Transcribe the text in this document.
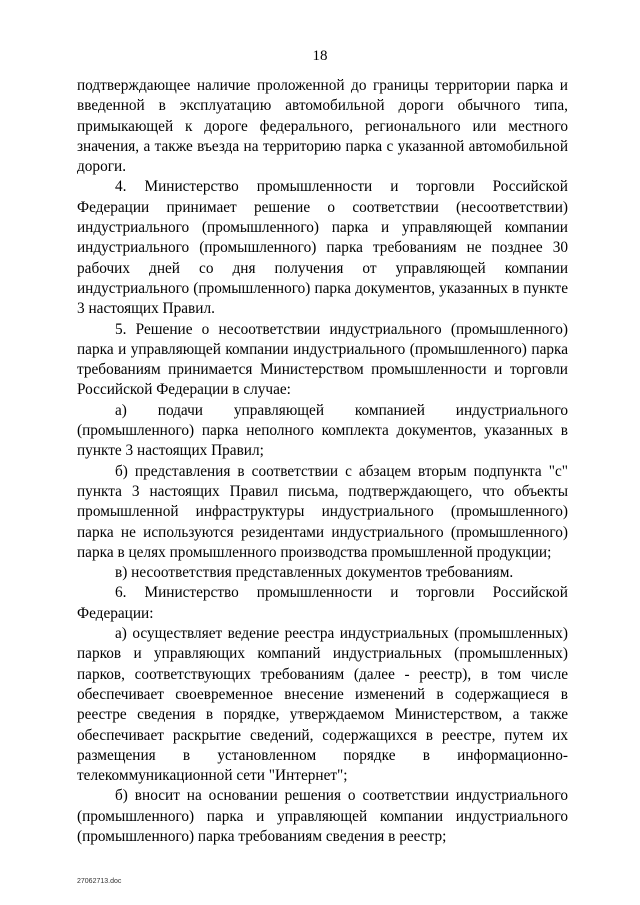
18

подтверждающее наличие проложенной до границы территории парка и введенной в эксплуатацию автомобильной дороги обычного типа, примыкающей к дороге федерального, регионального или местного значения, а также въезда на территорию парка с указанной автомобильной дороги.

4. Министерство промышленности и торговли Российской Федерации принимает решение о соответствии (несоответствии) индустриального (промышленного) парка и управляющей компании индустриального (промышленного) парка требованиям не позднее 30 рабочих дней со дня получения от управляющей компании индустриального (промышленного) парка документов, указанных в пункте 3 настоящих Правил.

5. Решение о несоответствии индустриального (промышленного) парка и управляющей компании индустриального (промышленного) парка требованиям принимается Министерством промышленности и торговли Российской Федерации в случае:

а) подачи управляющей компанией индустриального (промышленного) парка неполного комплекта документов, указанных в пункте 3 настоящих Правил;

б) представления в соответствии с абзацем вторым подпункта "с" пункта 3 настоящих Правил письма, подтверждающего, что объекты промышленной инфраструктуры индустриального (промышленного) парка не используются резидентами индустриального (промышленного) парка в целях промышленного производства промышленной продукции;

в) несоответствия представленных документов требованиям.

6. Министерство промышленности и торговли Российской Федерации:

а) осуществляет ведение реестра индустриальных (промышленных) парков и управляющих компаний индустриальных (промышленных) парков, соответствующих требованиям (далее - реестр), в том числе обеспечивает своевременное внесение изменений в содержащиеся в реестре сведения в порядке, утверждаемом Министерством, а также обеспечивает раскрытие сведений, содержащихся в реестре, путем их размещения в установленном порядке в информационно-телекоммуникационной сети "Интернет";

б) вносит на основании решения о соответствии индустриального (промышленного) парка и управляющей компании индустриального (промышленного) парка требованиям сведения в реестр;

27062713.doc
